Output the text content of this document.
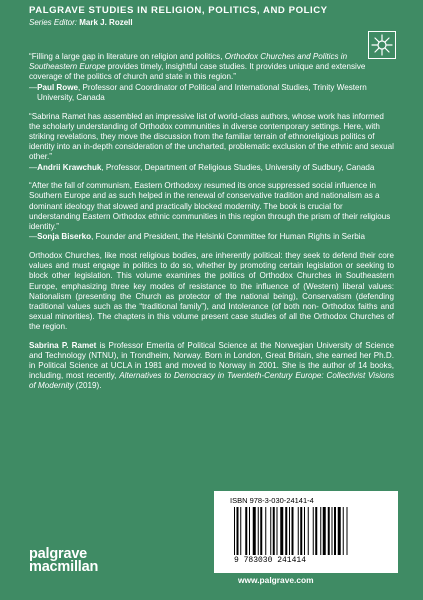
PALGRAVE STUDIES IN RELIGION, POLITICS, AND POLICY
Series Editor: Mark J. Rozell

“Filling a large gap in literature on religion and politics, Orthodox Churches and Politics in Southeastern Europe provides timely, insightful case studies. It provides unique and extensive coverage of the politics of church and state in this region.”

—Paul Rowe, Professor and Coordinator of Political and International Studies, Trinity Western University, Canada

“Sabrina Ramet has assembled an impressive list of world-class authors, whose work has informed the scholarly understanding of Orthodox communities in diverse contemporary settings. Here, with striking revelations, they move the discussion from the familiar terrain of ethnoreligious politics of identity into an in-depth consideration of the uncharted, problematic exclusion of the ethnic and sexual other.”

—Andrii Krawchuk, Professor, Department of Religious Studies, University of Sudbury, Canada

“After the fall of communism, Eastern Orthodoxy resumed its once suppressed social influence in Southern Europe and as such helped in the renewal of conservative tradition and nationalism as a dominant ideology that slowed and practically blocked modernity. The book is crucial for understanding Eastern Orthodox ethnic communities in this region through the prism of their religious identity.”

—Sonja Biserko, Founder and President, the Helsinki Committee for Human Rights in Serbia

Orthodox Churches, like most religious bodies, are inherently political: they seek to defend their core values and must engage in politics to do so, whether by promoting certain legislation or seeking to block other legislation. This volume examines the politics of Orthodox Churches in Southeastern Europe, emphasizing three key modes of resistance to the influence of (Western) liberal values: Nationalism (presenting the Church as protector of the national being), Conservatism (defending traditional values such as the “traditional family”), and Intolerance (of both non- Orthodox faiths and sexual minorities). The chapters in this volume present case studies of all the Orthodox Churches of the region.

Sabrina P. Ramet is Professor Emerita of Political Science at the Norwegian University of Science and Technology (NTNU), in Trondheim, Norway. Born in London, Great Britain, she earned her Ph.D. in Political Science at UCLA in 1981 and moved to Norway in 2001. She is the author of 14 books, including, most recently, Alternatives to Democracy in Twentieth-Century Europe: Collectivist Visions of Modernity (2019).

ISBN 978-3-030-24141-4
9 783030 241414
palgrave
macmillan
www.palgrave.com
